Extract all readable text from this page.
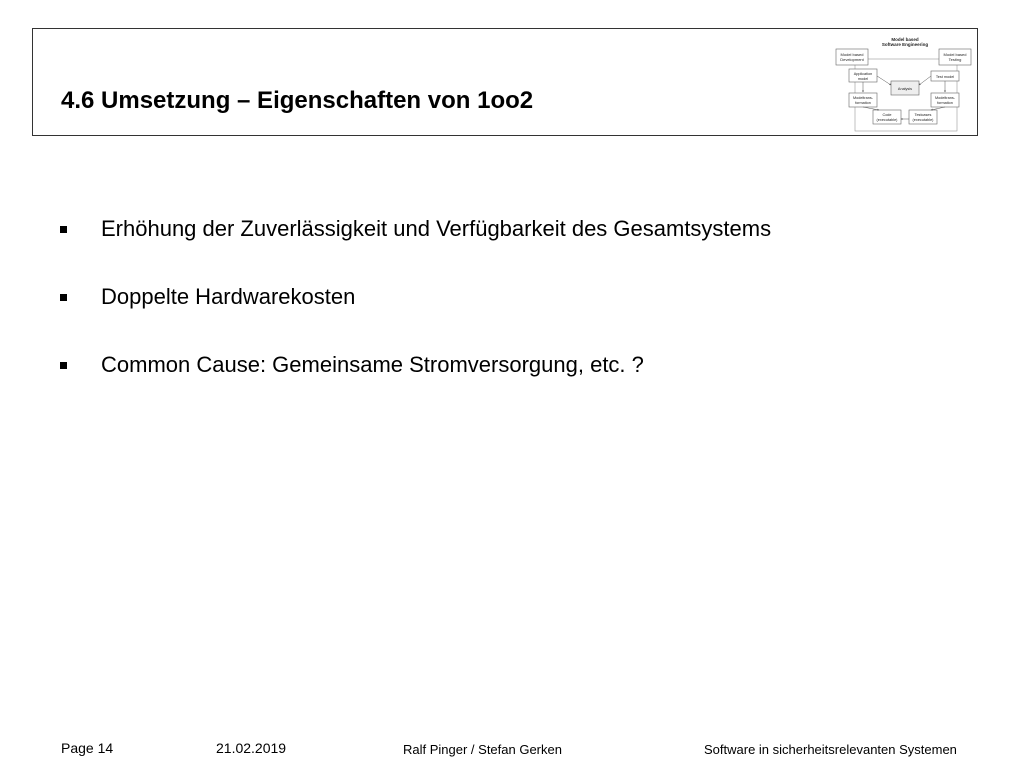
4.6 Umsetzung – Eigenschaften von 1oo2
Model based
Software Engineering
Model based
Development
Model based
Testing
Application
model	Test model
Analysis
Modeltrans-
formation
Modeltrans-
formation
Code
(executable)
Testcases
(executable)
Erhöhung der Zuverlässigkeit und Verfügbarkeit des Gesamtsystems
Doppelte Hardwarekosten
Common Cause: Gemeinsame Stromversorgung, etc. ?
Page 14	21.02.2019	Ralf Pinger / Stefan Gerken	Software in sicherheitsrelevanten Systemen
